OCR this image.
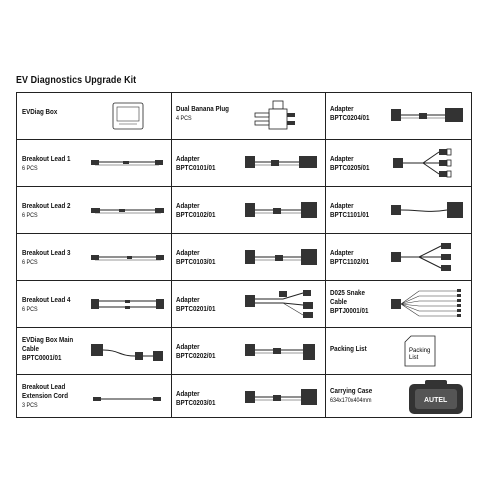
EV Diagnostics Upgrade Kit
EVDiag Box
Breakout Lead 1
6 PCS
Breakout Lead 2
6 PCS
Breakout Lead 3
6 PCS
Breakout Lead 4
6 PCS
EVDiag Box Main
Cable
BPTC0001/01
Breakout Lead
Extension Cord
3 PCS
Dual Banana Plug
4 PCS
Adapter
BPTC0101/01
Adapter
BPTC0102/01
Adapter
BPTC0103/01
Adapter
BPTC0201/01
Adapter
BPTC0202/01
Adapter
BPTC0203/01
Adapter
BPTC0204/01
Adapter
BPTC0205/01
Adapter
BPTC1101/01
Adapter
BPTC1102/01
D025 Snake
Cable
BPTJ0001/01
Packing List	Packing
List
Carrying Case
634x170x404mm	AUTEL
